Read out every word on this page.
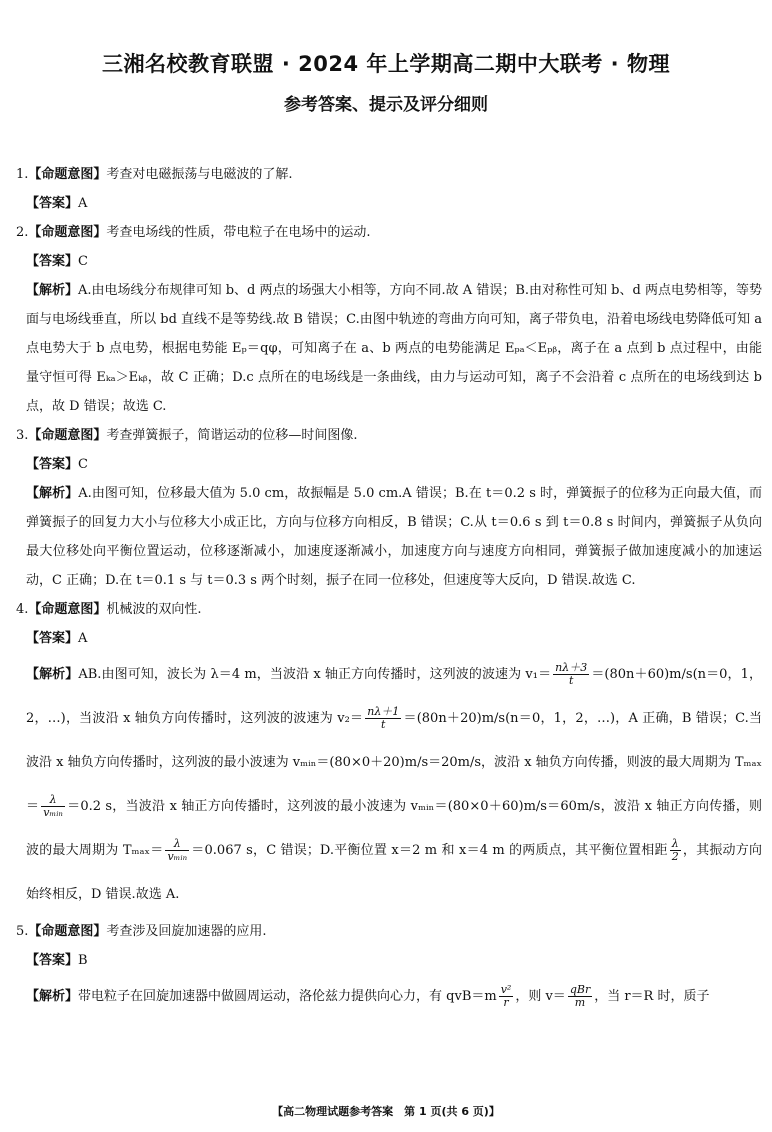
三湘名校教育联盟 · 2024 年上学期高二期中大联考 · 物理
参考答案、提示及评分细则

1.【命题意图】考查对电磁振荡与电磁波的了解.

【答案】A

2.【命题意图】考查电场线的性质，带电粒子在电场中的运动.

【答案】C

【解析】A.由电场线分布规律可知 b、d 两点的场强大小相等，方向不同.故 A 错误；B.由对称性可知 b、d 两点电势相等，等势面与电场线垂直，所以 bd 直线不是等势线.故 B 错误；C.由图中轨迹的弯曲方向可知，离子带负电，沿着电场线电势降低可知 a 点电势大于 b 点电势，根据电势能 Eₚ＝qφ，可知离子在 a、b 两点的电势能满足 Eₚₐ＜Eₚᵦ，离子在 a 点到 b 点过程中，由能量守恒可得 Eₖₐ＞Eₖᵦ，故 C 正确；D.c 点所在的电场线是一条曲线，由力与运动可知，离子不会沿着 c 点所在的电场线到达 b 点，故 D 错误；故选 C.

3.【命题意图】考查弹簧振子，简谐运动的位移—时间图像.

【答案】C

【解析】A.由图可知，位移最大值为 5.0 cm，故振幅是 5.0 cm.A 错误；B.在 t＝0.2 s 时，弹簧振子的位移为正向最大值，而弹簧振子的回复力大小与位移大小成正比，方向与位移方向相反，B 错误；C.从 t＝0.6 s 到 t＝0.8 s 时间内，弹簧振子从负向最大位移处向平衡位置运动，位移逐渐减小，加速度逐渐减小，加速度方向与速度方向相同，弹簧振子做加速度减小的加速运动，C 正确；D.在 t＝0.1 s 与 t＝0.3 s 两个时刻，振子在同一位移处，但速度等大反向，D 错误.故选 C.

4.【命题意图】机械波的双向性.

【答案】A

【解析】AB.由图可知，波长为 λ＝4 m，当波沿 x 轴正方向传播时，这列波的波速为 $v_1= \frac{n\lambda+3}{t} =(80n+60)m/s(n=0$，1，2，…)，当波沿 x 轴负方向传播时，这列波的波速为 $v_2= \frac{n\lambda+1}{t} =(80n+20)m/s(n=0$，1，2，…)，A 正确，B 错误；C.当波沿 x 轴负方向传播时，这列波的最小波速为 vₘᵢₙ＝(80×0＋20)m/s＝20m/s，波沿 x 轴负方向传播，则波的最大周期为 $T_{max}= \frac{\lambda}{\text{vₘᵢₙ}} =0.2$ s，当波沿 x 轴正方向传播时，这列波的最小波速为 vₘᵢₙ＝(80×0＋60)m/s＝60m/s，波沿 x 轴正方向传播，则波的最大周期为 $T_{max}= \frac{\lambda}{\text{vₘᵢₙ}} =0.067$ s，C 错误；D.平衡位置 x＝2 m 和 x＝4 m 的两质点，其平衡位置相距 $\frac{\lambda}{2}$ ，其振动方向始终相反，D 错误.故选 A.

5.【命题意图】考查涉及回旋加速器的应用.

【答案】B

【解析】带电粒子在回旋加速器中做圆周运动，洛伦兹力提供向心力，有 $qvB=m \frac{\text{v²}}{r}$ ，则 $v= \frac{\text{qBr}}{m}$ ，当 r＝R 时，质子

【高二物理试题参考答案　第 1 页(共 6 页)】
